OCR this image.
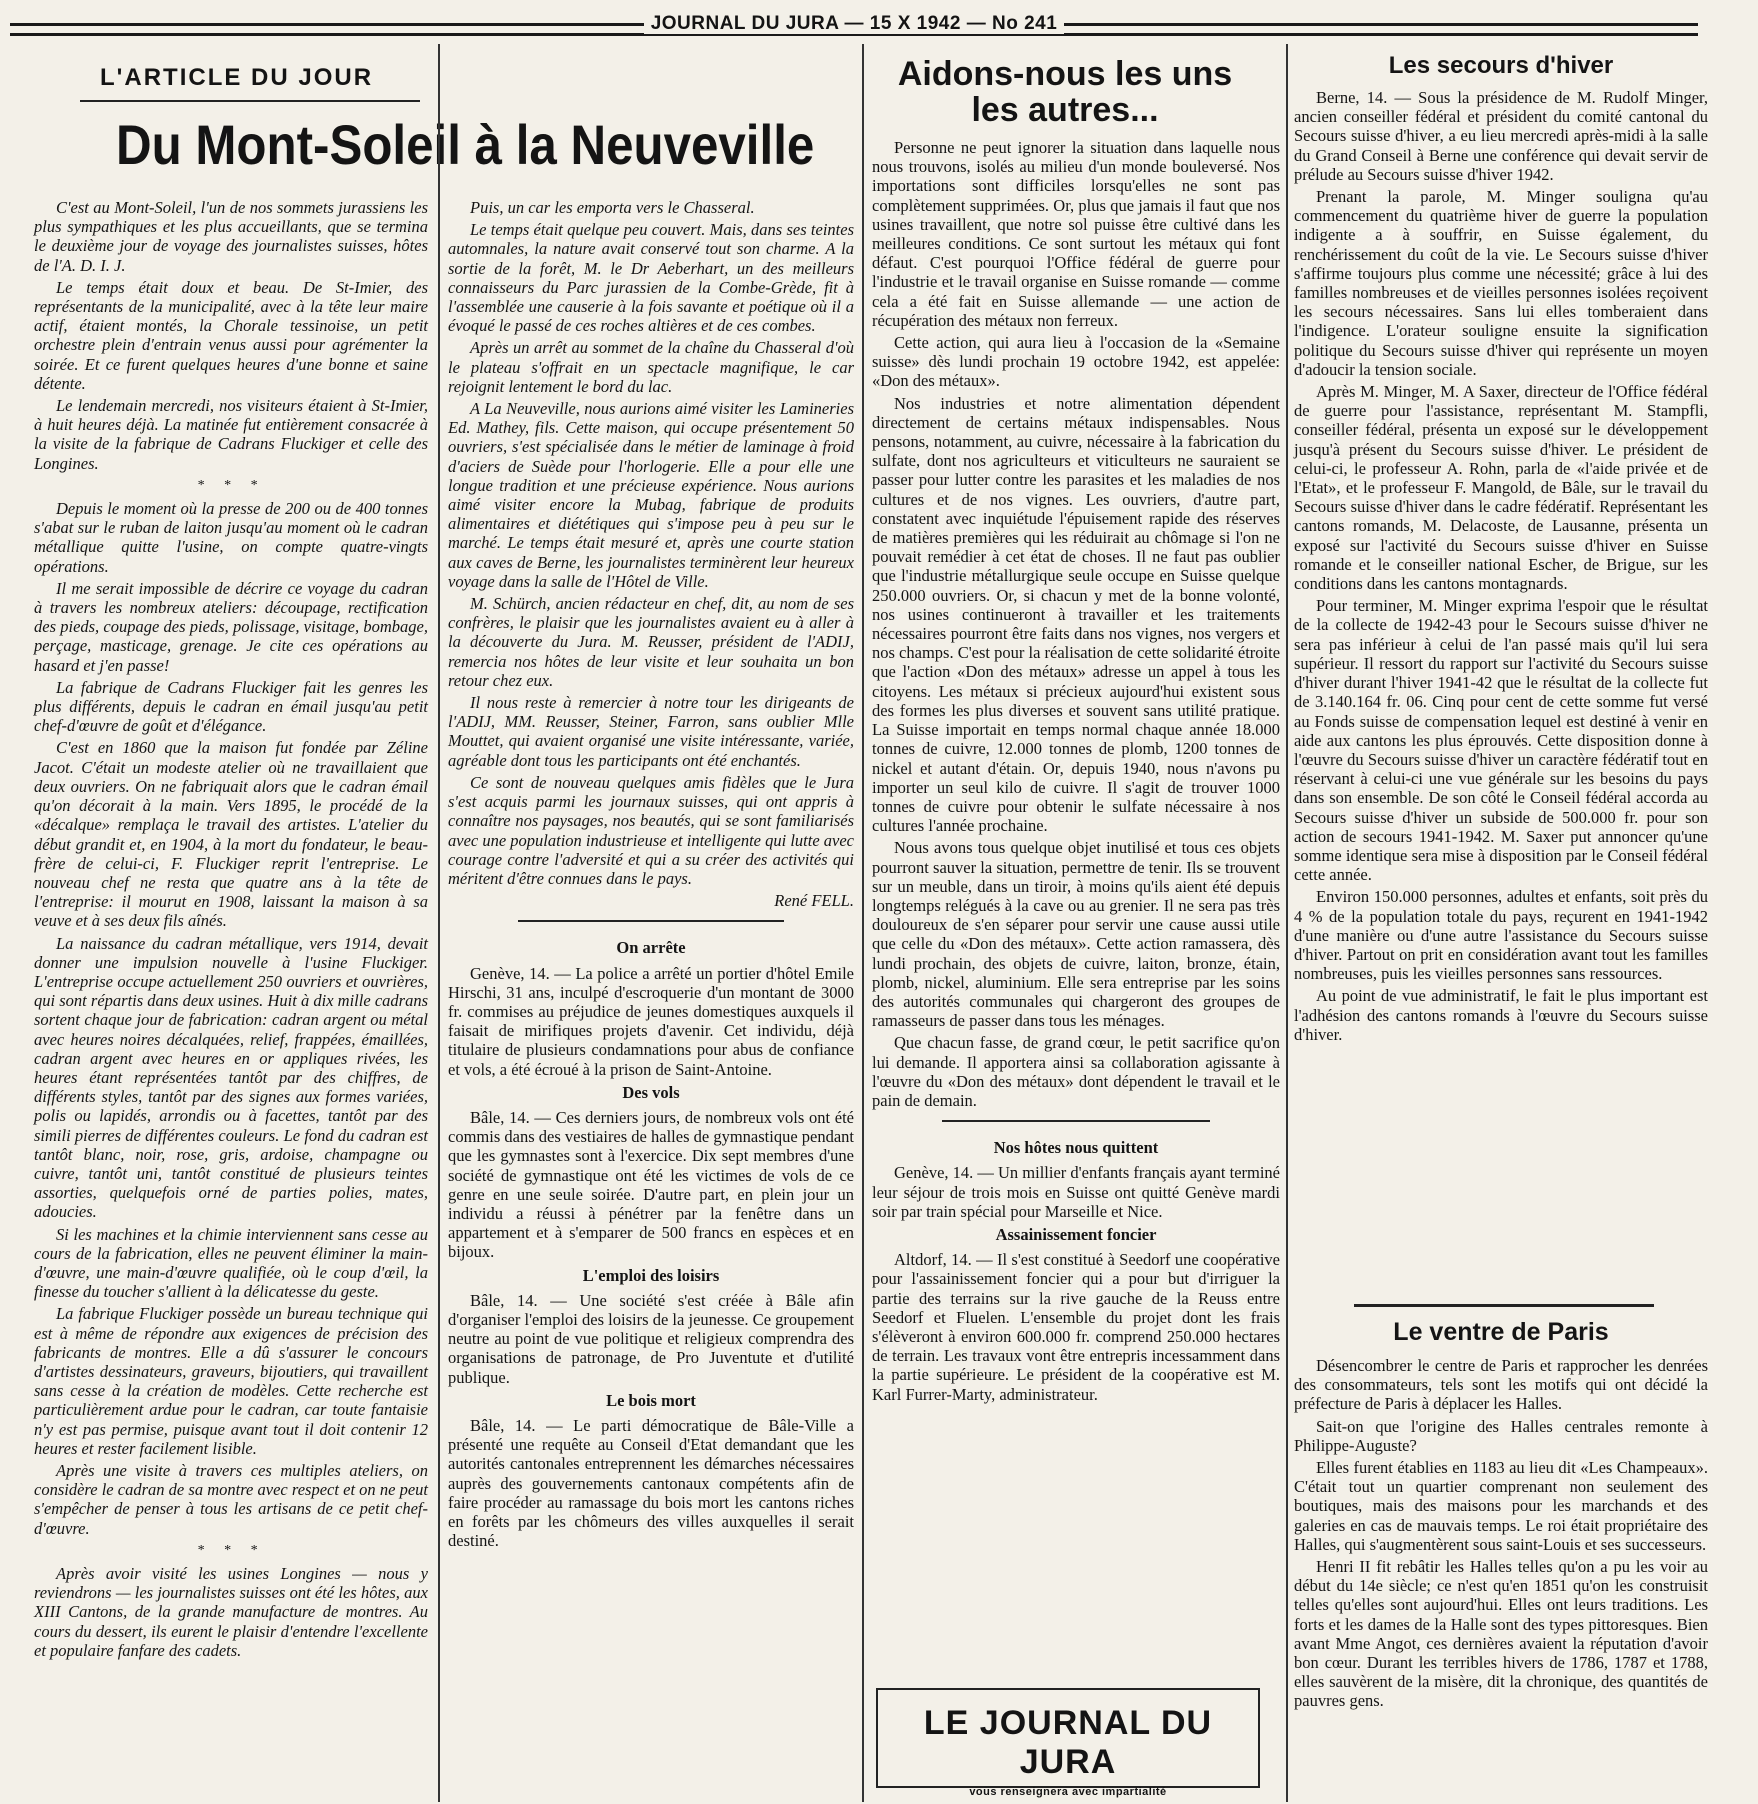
JOURNAL DU JURA — 15 X 1942 — No 241
L'ARTICLE DU JOUR
Du Mont-Soleil à la Neuveville

C'est au Mont-Soleil, l'un de nos sommets jurassiens les plus sympathiques et les plus accueillants, que se termina le deuxième jour de voyage des journalistes suisses, hôtes de l'A. D. I. J.

Le temps était doux et beau. De St-Imier, des représentants de la municipalité, avec à la tête leur maire actif, étaient montés, la Chorale tessinoise, un petit orchestre plein d'entrain venus aussi pour agrémenter la soirée. Et ce furent quelques heures d'une bonne et saine détente.

Le lendemain mercredi, nos visiteurs étaient à St-Imier, à huit heures déjà. La matinée fut entièrement consacrée à la visite de la fabrique de Cadrans Fluckiger et celle des Longines.

* * *

Depuis le moment où la presse de 200 ou de 400 tonnes s'abat sur le ruban de laiton jusqu'au moment où le cadran métallique quitte l'usine, on compte quatre-vingts opérations.

Il me serait impossible de décrire ce voyage du cadran à travers les nombreux ateliers: découpage, rectification des pieds, coupage des pieds, polissage, visitage, bombage, perçage, masticage, grenage. Je cite ces opérations au hasard et j'en passe!

La fabrique de Cadrans Fluckiger fait les genres les plus différents, depuis le cadran en émail jusqu'au petit chef-d'œuvre de goût et d'élégance.

C'est en 1860 que la maison fut fondée par Zéline Jacot. C'était un modeste atelier où ne travaillaient que deux ouvriers. On ne fabriquait alors que le cadran émail qu'on décorait à la main. Vers 1895, le procédé de la «décalque» remplaça le travail des artistes. L'atelier du début grandit et, en 1904, à la mort du fondateur, le beau-frère de celui-ci, F. Fluckiger reprit l'entreprise. Le nouveau chef ne resta que quatre ans à la tête de l'entreprise: il mourut en 1908, laissant la maison à sa veuve et à ses deux fils aînés.

La naissance du cadran métallique, vers 1914, devait donner une impulsion nouvelle à l'usine Fluckiger. L'entreprise occupe actuellement 250 ouvriers et ouvrières, qui sont répartis dans deux usines. Huit à dix mille cadrans sortent chaque jour de fabrication: cadran argent ou métal avec heures noires décalquées, relief, frappées, émaillées, cadran argent avec heures en or appliques rivées, les heures étant représentées tantôt par des chiffres, de différents styles, tantôt par des signes aux formes variées, polis ou lapidés, arrondis ou à facettes, tantôt par des simili pierres de différentes couleurs. Le fond du cadran est tantôt blanc, noir, rose, gris, ardoise, champagne ou cuivre, tantôt uni, tantôt constitué de plusieurs teintes assorties, quelquefois orné de parties polies, mates, adoucies.

Si les machines et la chimie interviennent sans cesse au cours de la fabrication, elles ne peuvent éliminer la main-d'œuvre, une main-d'œuvre qualifiée, où le coup d'œil, la finesse du toucher s'allient à la délicatesse du geste.

La fabrique Fluckiger possède un bureau technique qui est à même de répondre aux exigences de précision des fabricants de montres. Elle a dû s'assurer le concours d'artistes dessinateurs, graveurs, bijoutiers, qui travaillent sans cesse à la création de modèles. Cette recherche est particulièrement ardue pour le cadran, car toute fantaisie n'y est pas permise, puisque avant tout il doit contenir 12 heures et rester facilement lisible.

Après une visite à travers ces multiples ateliers, on considère le cadran de sa montre avec respect et on ne peut s'empêcher de penser à tous les artisans de ce petit chef-d'œuvre.

* * *

Après avoir visité les usines Longines — nous y reviendrons — les journalistes suisses ont été les hôtes, aux XIII Cantons, de la grande manufacture de montres. Au cours du dessert, ils eurent le plaisir d'entendre l'excellente et populaire fanfare des cadets.

Puis, un car les emporta vers le Chasseral.

Le temps était quelque peu couvert. Mais, dans ses teintes automnales, la nature avait conservé tout son charme. A la sortie de la forêt, M. le Dr Aeberhart, un des meilleurs connaisseurs du Parc jurassien de la Combe-Grède, fit à l'assemblée une causerie à la fois savante et poétique où il a évoqué le passé de ces roches altières et de ces combes.

Après un arrêt au sommet de la chaîne du Chasseral d'où le plateau s'offrait en un spectacle magnifique, le car rejoignit lentement le bord du lac.

A La Neuveville, nous aurions aimé visiter les Lamineries Ed. Mathey, fils. Cette maison, qui occupe présentement 50 ouvriers, s'est spécialisée dans le métier de laminage à froid d'aciers de Suède pour l'horlogerie. Elle a pour elle une longue tradition et une précieuse expérience. Nous aurions aimé visiter encore la Mubag, fabrique de produits alimentaires et diététiques qui s'impose peu à peu sur le marché. Le temps était mesuré et, après une courte station aux caves de Berne, les journalistes terminèrent leur heureux voyage dans la salle de l'Hôtel de Ville.

M. Schürch, ancien rédacteur en chef, dit, au nom de ses confrères, le plaisir que les journalistes avaient eu à aller à la découverte du Jura. M. Reusser, président de l'ADIJ, remercia nos hôtes de leur visite et leur souhaita un bon retour chez eux.

Il nous reste à remercier à notre tour les dirigeants de l'ADIJ, MM. Reusser, Steiner, Farron, sans oublier Mlle Mouttet, qui avaient organisé une visite intéressante, variée, agréable dont tous les participants ont été enchantés.

Ce sont de nouveau quelques amis fidèles que le Jura s'est acquis parmi les journaux suisses, qui ont appris à connaître nos paysages, nos beautés, qui se sont familiarisés avec une population industrieuse et intelligente qui lutte avec courage contre l'adversité et qui a su créer des activités qui méritent d'être connues dans le pays.

René FELL.
On arrête

Genève, 14. — La police a arrêté un portier d'hôtel Emile Hirschi, 31 ans, inculpé d'escroquerie d'un montant de 3000 fr. commises au préjudice de jeunes domestiques auxquels il faisait de mirifiques projets d'avenir. Cet individu, déjà titulaire de plusieurs condamnations pour abus de confiance et vols, a été écroué à la prison de Saint-Antoine.

Des vols

Bâle, 14. — Ces derniers jours, de nombreux vols ont été commis dans des vestiaires de halles de gymnastique pendant que les gymnastes sont à l'exercice. Dix sept membres d'une société de gymnastique ont été les victimes de vols de ce genre en une seule soirée. D'autre part, en plein jour un individu a réussi à pénétrer par la fenêtre dans un appartement et à s'emparer de 500 francs en espèces et en bijoux.

L'emploi des loisirs

Bâle, 14. — Une société s'est créée à Bâle afin d'organiser l'emploi des loisirs de la jeunesse. Ce groupement neutre au point de vue politique et religieux comprendra des organisations de patronage, de Pro Juventute et d'utilité publique.

Le bois mort

Bâle, 14. — Le parti démocratique de Bâle-Ville a présenté une requête au Conseil d'Etat demandant que les autorités cantonales entreprennent les démarches nécessaires auprès des gouvernements cantonaux compétents afin de faire procéder au ramassage du bois mort les cantons riches en forêts par les chômeurs des villes auxquelles il serait destiné.

Aidons-nous les uns les autres...

Personne ne peut ignorer la situation dans laquelle nous nous trouvons, isolés au milieu d'un monde bouleversé. Nos importations sont difficiles lorsqu'elles ne sont pas complètement supprimées. Or, plus que jamais il faut que nos usines travaillent, que notre sol puisse être cultivé dans les meilleures conditions. Ce sont surtout les métaux qui font défaut. C'est pourquoi l'Office fédéral de guerre pour l'industrie et le travail organise en Suisse romande — comme cela a été fait en Suisse allemande — une action de récupération des métaux non ferreux.

Cette action, qui aura lieu à l'occasion de la «Semaine suisse» dès lundi prochain 19 octobre 1942, est appelée: «Don des métaux».

Nos industries et notre alimentation dépendent directement de certains métaux indispensables. Nous pensons, notamment, au cuivre, nécessaire à la fabrication du sulfate, dont nos agriculteurs et viticulteurs ne sauraient se passer pour lutter contre les parasites et les maladies de nos cultures et de nos vignes. Les ouvriers, d'autre part, constatent avec inquiétude l'épuisement rapide des réserves de matières premières qui les réduirait au chômage si l'on ne pouvait remédier à cet état de choses. Il ne faut pas oublier que l'industrie métallurgique seule occupe en Suisse quelque 250.000 ouvriers. Or, si chacun y met de la bonne volonté, nos usines continueront à travailler et les traitements nécessaires pourront être faits dans nos vignes, nos vergers et nos champs. C'est pour la réalisation de cette solidarité étroite que l'action «Don des métaux» adresse un appel à tous les citoyens. Les métaux si précieux aujourd'hui existent sous des formes les plus diverses et souvent sans utilité pratique. La Suisse importait en temps normal chaque année 18.000 tonnes de cuivre, 12.000 tonnes de plomb, 1200 tonnes de nickel et autant d'étain. Or, depuis 1940, nous n'avons pu importer un seul kilo de cuivre. Il s'agit de trouver 1000 tonnes de cuivre pour obtenir le sulfate nécessaire à nos cultures l'année prochaine.

Nous avons tous quelque objet inutilisé et tous ces objets pourront sauver la situation, permettre de tenir. Ils se trouvent sur un meuble, dans un tiroir, à moins qu'ils aient été depuis longtemps relégués à la cave ou au grenier. Il ne sera pas très douloureux de s'en séparer pour servir une cause aussi utile que celle du «Don des métaux». Cette action ramassera, dès lundi prochain, des objets de cuivre, laiton, bronze, étain, plomb, nickel, aluminium. Elle sera entreprise par les soins des autorités communales qui chargeront des groupes de ramasseurs de passer dans tous les ménages.

Que chacun fasse, de grand cœur, le petit sacrifice qu'on lui demande. Il apportera ainsi sa collaboration agissante à l'œuvre du «Don des métaux» dont dépendent le travail et le pain de demain.

Nos hôtes nous quittent

Genève, 14. — Un millier d'enfants français ayant terminé leur séjour de trois mois en Suisse ont quitté Genève mardi soir par train spécial pour Marseille et Nice.

Assainissement foncier

Altdorf, 14. — Il s'est constitué à Seedorf une coopérative pour l'assainissement foncier qui a pour but d'irriguer la partie des terrains sur la rive gauche de la Reuss entre Seedorf et Fluelen. L'ensemble du projet dont les frais s'élèveront à environ 600.000 fr. comprend 250.000 hectares de terrain. Les travaux vont être entrepris incessamment dans la partie supérieure. Le président de la coopérative est M. Karl Furrer-Marty, administrateur.

LE JOURNAL DU JURA
vous renseignera avec impartialité
Les secours d'hiver

Berne, 14. — Sous la présidence de M. Rudolf Minger, ancien conseiller fédéral et président du comité cantonal du Secours suisse d'hiver, a eu lieu mercredi après-midi à la salle du Grand Conseil à Berne une conférence qui devait servir de prélude au Secours suisse d'hiver 1942.

Prenant la parole, M. Minger souligna qu'au commencement du quatrième hiver de guerre la population indigente a à souffrir, en Suisse également, du renchérissement du coût de la vie. Le Secours suisse d'hiver s'affirme toujours plus comme une nécessité; grâce à lui des familles nombreuses et de vieilles personnes isolées reçoivent les secours nécessaires. Sans lui elles tomberaient dans l'indigence. L'orateur souligne ensuite la signification politique du Secours suisse d'hiver qui représente un moyen d'adoucir la tension sociale.

Après M. Minger, M. A Saxer, directeur de l'Office fédéral de guerre pour l'assistance, représentant M. Stampfli, conseiller fédéral, présenta un exposé sur le développement jusqu'à présent du Secours suisse d'hiver. Le président de celui-ci, le professeur A. Rohn, parla de «l'aide privée et de l'Etat», et le professeur F. Mangold, de Bâle, sur le travail du Secours suisse d'hiver dans le cadre fédératif. Représentant les cantons romands, M. Delacoste, de Lausanne, présenta un exposé sur l'activité du Secours suisse d'hiver en Suisse romande et le conseiller national Escher, de Brigue, sur les conditions dans les cantons montagnards.

Pour terminer, M. Minger exprima l'espoir que le résultat de la collecte de 1942-43 pour le Secours suisse d'hiver ne sera pas inférieur à celui de l'an passé mais qu'il lui sera supérieur. Il ressort du rapport sur l'activité du Secours suisse d'hiver durant l'hiver 1941-42 que le résultat de la collecte fut de 3.140.164 fr. 06. Cinq pour cent de cette somme fut versé au Fonds suisse de compensation lequel est destiné à venir en aide aux cantons les plus éprouvés. Cette disposition donne à l'œuvre du Secours suisse d'hiver un caractère fédératif tout en réservant à celui-ci une vue générale sur les besoins du pays dans son ensemble. De son côté le Conseil fédéral accorda au Secours suisse d'hiver un subside de 500.000 fr. pour son action de secours 1941-1942. M. Saxer put annoncer qu'une somme identique sera mise à disposition par le Conseil fédéral cette année.

Environ 150.000 personnes, adultes et enfants, soit près du 4 % de la population totale du pays, reçurent en 1941-1942 d'une manière ou d'une autre l'assistance du Secours suisse d'hiver. Partout on prit en considération avant tout les familles nombreuses, puis les vieilles personnes sans ressources.

Au point de vue administratif, le fait le plus important est l'adhésion des cantons romands à l'œuvre du Secours suisse d'hiver.

Le ventre de Paris

Désencombrer le centre de Paris et rapprocher les denrées des consommateurs, tels sont les motifs qui ont décidé la préfecture de Paris à déplacer les Halles.

Sait-on que l'origine des Halles centrales remonte à Philippe-Auguste?

Elles furent établies en 1183 au lieu dit «Les Champeaux». C'était tout un quartier comprenant non seulement des boutiques, mais des maisons pour les marchands et des galeries en cas de mauvais temps. Le roi était propriétaire des Halles, qui s'augmentèrent sous saint-Louis et ses successeurs.

Henri II fit rebâtir les Halles telles qu'on a pu les voir au début du 14e siècle; ce n'est qu'en 1851 qu'on les construisit telles qu'elles sont aujourd'hui. Elles ont leurs traditions. Les forts et les dames de la Halle sont des types pittoresques. Bien avant Mme Angot, ces dernières avaient la réputation d'avoir bon cœur. Durant les terribles hivers de 1786, 1787 et 1788, elles sauvèrent de la misère, dit la chronique, des quantités de pauvres gens.
